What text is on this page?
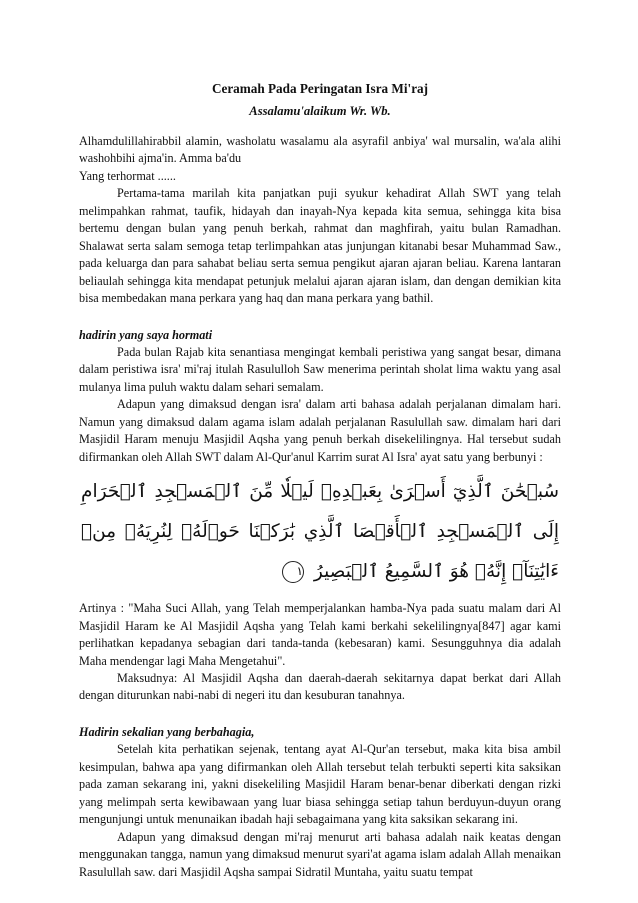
Ceramah Pada Peringatan Isra Mi'raj
Assalamu'alaikum Wr. Wb.

Alhamdulillahirabbil alamin, washolatu wasalamu ala asyrafil anbiya' wal mursalin, wa'ala alihi washohbihi ajma'in. Amma ba'du

Yang terhormat ......

Pertama-tama marilah kita panjatkan puji syukur kehadirat Allah SWT yang telah melimpahkan rahmat, taufik, hidayah dan inayah-Nya kepada kita semua, sehingga kita bisa bertemu dengan bulan yang penuh berkah, rahmat dan maghfirah, yaitu bulan Ramadhan. Shalawat serta salam semoga tetap terlimpahkan atas junjungan kitanabi besar Muhammad Saw., pada keluarga dan para sahabat beliau serta semua pengikut ajaran ajaran beliau. Karena lantaran beliaulah sehingga kita mendapat petunjuk melalui ajaran ajaran islam, dan dengan demikian kita bisa membedakan mana perkara yang haq dan mana perkara yang bathil.

hadirin yang saya hormati

Pada bulan Rajab kita senantiasa mengingat kembali peristiwa yang sangat besar, dimana dalam peristiwa isra' mi'raj itulah Rasululloh Saw menerima perintah sholat lima waktu yang asal mulanya lima puluh waktu dalam sehari semalam.

Adapun yang dimaksud dengan isra' dalam arti bahasa adalah perjalanan dimalam hari. Namun yang dimaksud dalam agama islam adalah perjalanan Rasulullah saw. dimalam hari dari Masjidil Haram menuju Masjidil Aqsha yang penuh berkah disekelilingnya. Hal tersebut sudah difirmankan oleh Allah SWT dalam Al-Qur'anul Karrim surat Al Isra' ayat satu yang berbunyi :

سُبۡحَٰنَ ٱلَّذِيٓ أَسۡرَىٰ بِعَبۡدِهِۦ لَيۡلٗا مِّنَ ٱلۡمَسۡجِدِ ٱلۡحَرَامِ إِلَى ٱلۡمَسۡجِدِ ٱلۡأَقۡصَا ٱلَّذِي بَٰرَكۡنَا حَوۡلَهُۥ لِنُرِيَهُۥ مِنۡ ءَايَٰتِنَآۚ إِنَّهُۥ هُوَ ٱلسَّمِيعُ ٱلۡبَصِيرُ ١

Artinya : "Maha Suci Allah, yang Telah memperjalankan hamba-Nya pada suatu malam dari Al Masjidil Haram ke Al Masjidil Aqsha yang Telah kami berkahi sekelilingnya[847] agar kami perlihatkan kepadanya sebagian dari tanda-tanda (kebesaran) kami. Sesungguhnya dia adalah Maha mendengar lagi Maha Mengetahui".

Maksudnya: Al Masjidil Aqsha dan daerah-daerah sekitarnya dapat berkat dari Allah dengan diturunkan nabi-nabi di negeri itu dan kesuburan tanahnya.

Hadirin sekalian yang berbahagia,

Setelah kita perhatikan sejenak, tentang ayat Al-Qur'an tersebut, maka kita bisa ambil kesimpulan, bahwa apa yang difirmankan oleh Allah tersebut telah terbukti seperti kita saksikan pada zaman sekarang ini, yakni disekeliling Masjidil Haram benar-benar diberkati dengan rizki yang melimpah serta kewibawaan yang luar biasa sehingga setiap tahun berduyun-duyun orang mengunjungi untuk menunaikan ibadah haji sebagaimana yang kita saksikan sekarang ini.

Adapun yang dimaksud dengan mi'raj menurut arti bahasa adalah naik keatas dengan menggunakan tangga, namun yang dimaksud menurut syari'at agama islam adalah Allah menaikan Rasulullah saw. dari Masjidil Aqsha sampai Sidratil Muntaha, yaitu suatu tempat
